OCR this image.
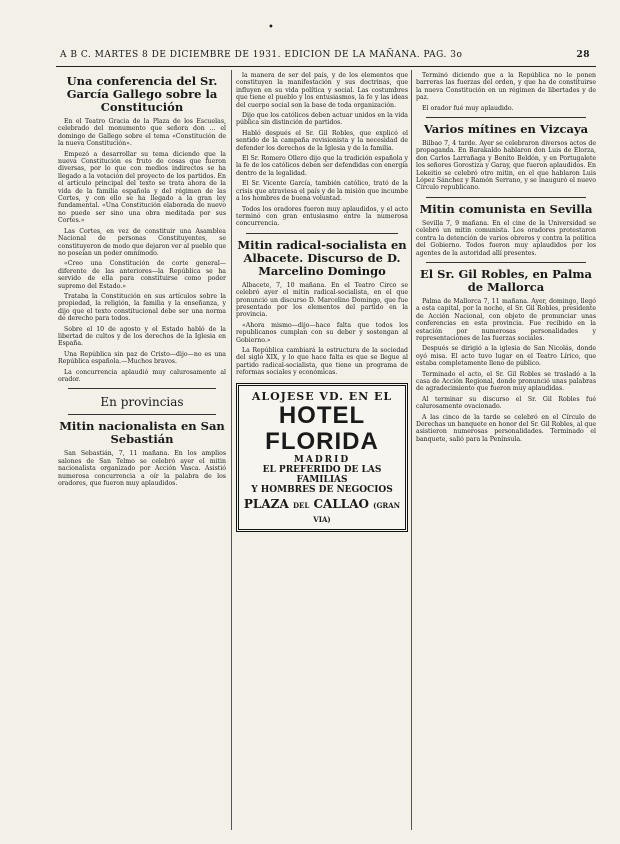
•
A B C. MARTES 8 DE DICIEMBRE DE 1931. EDICION DE LA MAÑANA. PAG. 3o	28
Una conferencia del Sr. García Gallego sobre la Constitución

En el Teatro Gracia de la Plaza de los Escuelas, celebrado del monumento que señora don ... el domingo de Gallego sobre el tema «Constitución de la nueva Constitución».

Empezó a desarrollar su tema diciendo que la nueva Constitución es fruto de cosas que fueron diversas, por lo que con medios indirectos se ha llegado a la votación del proyecto de los partidos. En el artículo principal del texto se trata ahora de la vida de la familia española y del régimen de las Cortes, y con ello se ha llegado a la gran ley fundamental. «Una Constitución elaborada de nuevo no puede ser sino una obra meditada por sus Cortes.»

Las Cortes, en vez de constituir una Asamblea Nacional de personas Constituyentes, se constituyeron de modo que dejaron ver al pueblo que no poseían un poder omnímodo.

«Creo una Constitución de corte general—diferente de las anteriores—la República se ha servido de ella para constituirse como poder supremo del Estado.»

Trataba la Constitución en sus artículos sobre la propiedad, la religión, la familia y la enseñanza, y dijo que el texto constitucional debe ser una norma de derecho para todos.

Sobre el 10 de agosto y el Estado habló de la libertad de cultos y de los derechos de la Iglesia en España.

Una República sin paz de Cristo—dijo—no es una República española.—Muchos bravos.

La concurrencia aplaudió muy calurosamente al orador.

En provincias
Mitin nacionalista en San Sebastián

San Sebastián, 7, 11 mañana. En los amplios salones de San Telmo se celebró ayer el mitin nacionalista organizado por Acción Vasca. Asistió numerosa concurrencia a oír la palabra de los oradores, que fueron muy aplaudidos.

la manera de ser del país, y de los elementos que constituyen la manifestación y sus doctrinas, que influyen en su vida política y social. Las costumbres que tiene el pueblo y los entusiasmos, la fe y las ideas del cuerpo social son la base de toda organización.

Dijo que los católicos deben actuar unidos en la vida pública sin distinción de partidos.

Habló después el Sr. Gil Robles, que explicó el sentido de la campaña revisionista y la necesidad de defender los derechos de la Iglesia y de la familia.

El Sr. Romero Ollero dijo que la tradición española y la fe de los católicos deben ser defendidas con energía dentro de la legalidad.

El Sr. Vicente García, también católico, trató de la crisis que atraviesa el país y de la misión que incumbe a los hombres de buena voluntad.

Todos los oradores fueron muy aplaudidos, y el acto terminó con gran entusiasmo entre la numerosa concurrencia.

Mitin radical-socialista en Albacete. Discurso de D. Marcelino Domingo

Albacete, 7, 10 mañana. En el Teatro Circo se celebró ayer el mitin radical-socialista, en el que pronunció un discurso D. Marcelino Domingo, que fue presentado por los elementos del partido en la provincia.

«Ahora mismo—dijo—hace falta que todos los republicanos cumplan con su deber y sostengan al Gobierno.»

La República cambiará la estructura de la sociedad del siglo XIX, y lo que hace falta es que se llegue al partido radical-socialista, que tiene un programa de reformas sociales y económicas.

ALOJESE VD. EN EL
HOTEL FLORIDA
MADRID
EL PREFERIDO DE LAS FAMILIAS
Y HOMBRES DE NEGOCIOS
PLAZA DEL CALLAO (GRAN VIA)

Terminó diciendo que a la República no le ponen barreras las fuerzas del orden, y que ha de constituirse la nueva Constitución en un régimen de libertades y de paz.

El orador fué muy aplaudido.

Varios mítines en Vizcaya

Bilbao 7, 4 tarde. Ayer se celebraron diversos actos de propaganda. En Barakaldo hablaron don Luis de Elorza, don Carlos Larrañaga y Benito Beldón, y en Portugalete los señores Gorostiza y Garay, que fueron aplaudidos. En Lekeitio se celebró otro mitin, en el que hablaron Luis López Sánchez y Ramón Serrano, y se inauguró el nuevo Círculo republicano.

Mitin comunista en Sevilla

Sevilla 7, 9 mañana. En el cine de la Universidad se celebró un mitin comunista. Los oradores protestaron contra la detención de varios obreros y contra la política del Gobierno. Todos fueron muy aplaudidos por los agentes de la autoridad allí presentes.

El Sr. Gil Robles, en Palma de Mallorca

Palma de Mallorca 7, 11 mañana. Ayer, domingo, llegó a esta capital, por la noche, el Sr. Gil Robles, presidente de Acción Nacional, con objeto de pronunciar unas conferencias en esta provincia. Fue recibido en la estación por numerosas personalidades y representaciones de las fuerzas sociales.

Después se dirigió a la iglesia de San Nicolás, donde oyó misa. El acto tuvo lugar en el Teatro Lírico, que estaba completamente lleno de público.

Terminado el acto, el Sr. Gil Robles se trasladó a la casa de Acción Regional, donde pronunció unas palabras de agradecimiento que fueron muy aplaudidas.

Al terminar su discurso el Sr. Gil Robles fué calurosamente ovacionado.

A las cinco de la tarde se celebró en el Círculo de Derechas un banquete en honor del Sr. Gil Robles, al que asistieron numerosas personalidades. Terminado el banquete, salió para la Península.
